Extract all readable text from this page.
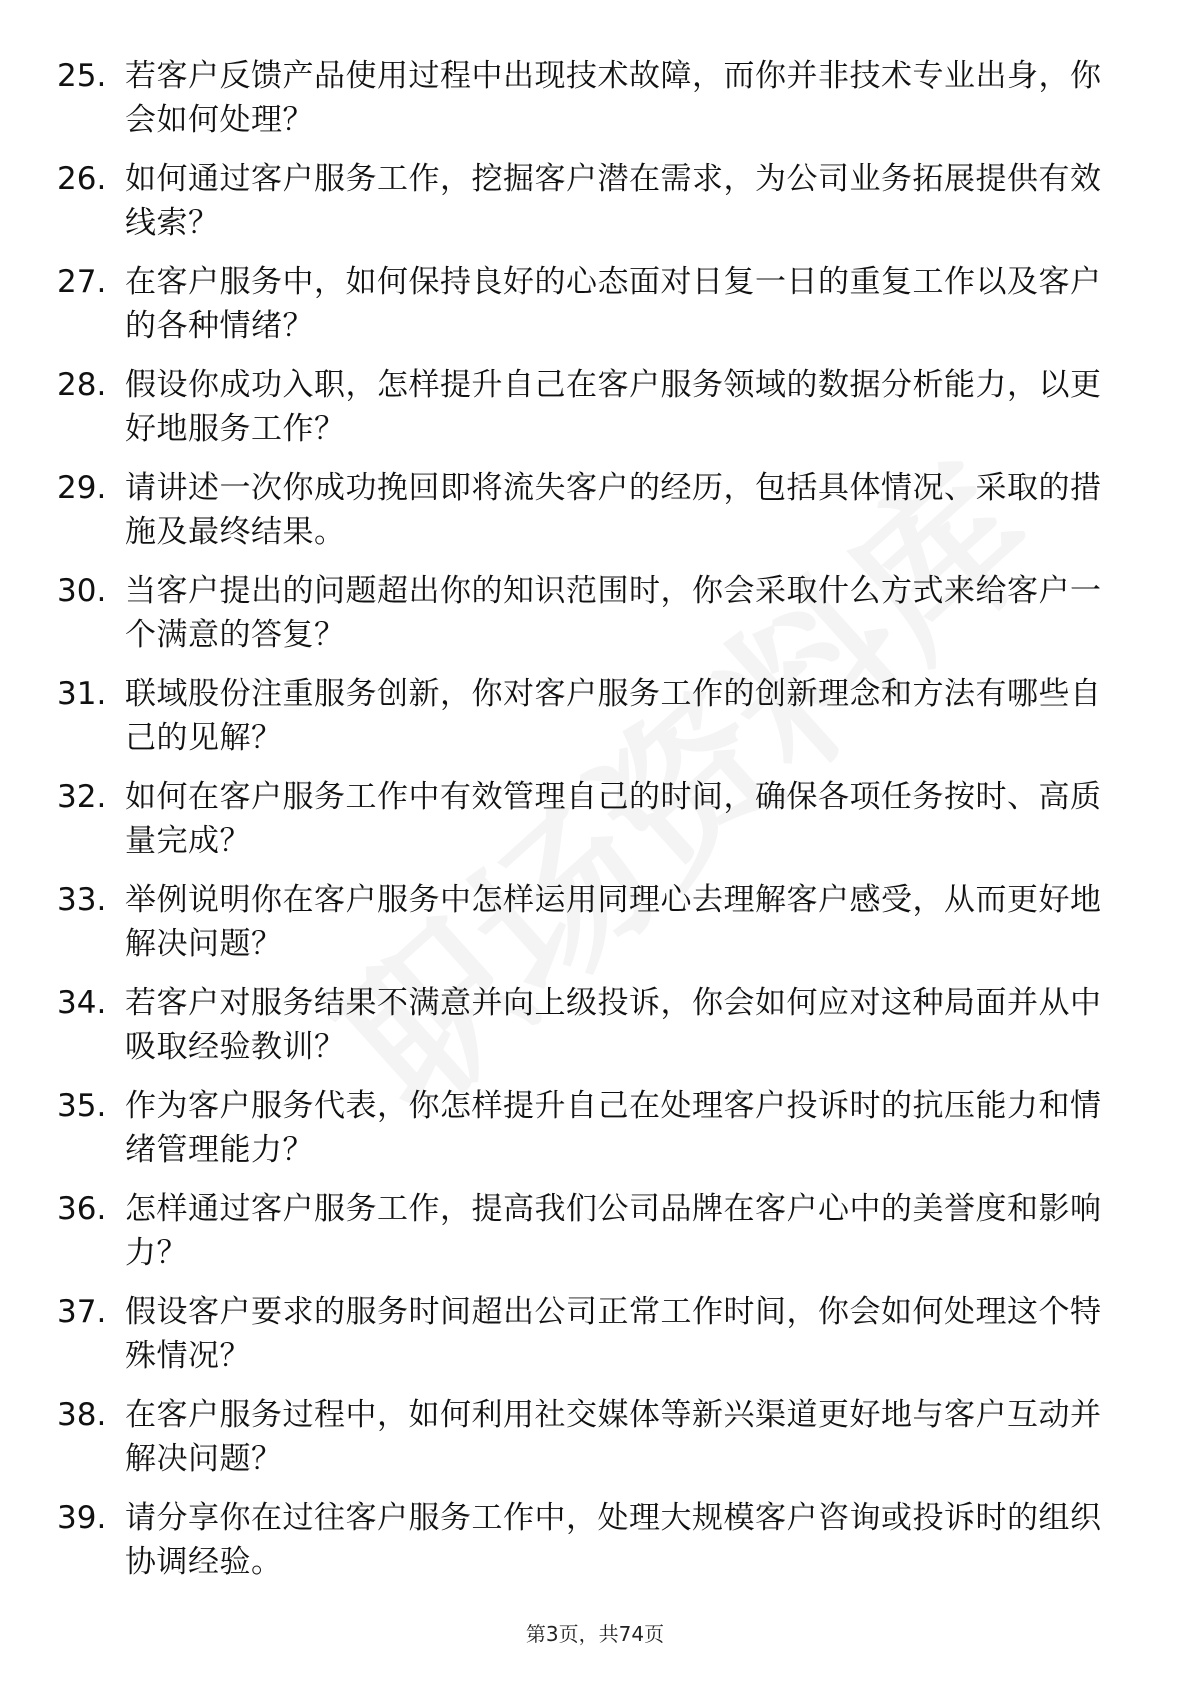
25. 若客户反馈产品使用过程中出现技术故障，而你并非技术专业出身，你会如何处理？
26. 如何通过客户服务工作，挖掘客户潜在需求，为公司业务拓展提供有效线索？
27. 在客户服务中，如何保持良好的心态面对日复一日的重复工作以及客户的各种情绪？
28. 假设你成功入职，怎样提升自己在客户服务领域的数据分析能力，以更好地服务工作？
29. 请讲述一次你成功挽回即将流失客户的经历，包括具体情况、采取的措施及最终结果。
30. 当客户提出的问题超出你的知识范围时，你会采取什么方式来给客户一个满意的答复？
31. 联域股份注重服务创新，你对客户服务工作的创新理念和方法有哪些自己的见解？
32. 如何在客户服务工作中有效管理自己的时间，确保各项任务按时、高质量完成？
33. 举例说明你在客户服务中怎样运用同理心去理解客户感受，从而更好地解决问题？
34. 若客户对服务结果不满意并向上级投诉，你会如何应对这种局面并从中吸取经验教训？
35. 作为客户服务代表，你怎样提升自己在处理客户投诉时的抗压能力和情绪管理能力？
36. 怎样通过客户服务工作，提高我们公司品牌在客户心中的美誉度和影响力？
37. 假设客户要求的服务时间超出公司正常工作时间，你会如何处理这个特殊情况？
38. 在客户服务过程中，如何利用社交媒体等新兴渠道更好地与客户互动并解决问题？
39. 请分享你在过往客户服务工作中，处理大规模客户咨询或投诉时的组织协调经验。
第3页，共74页
